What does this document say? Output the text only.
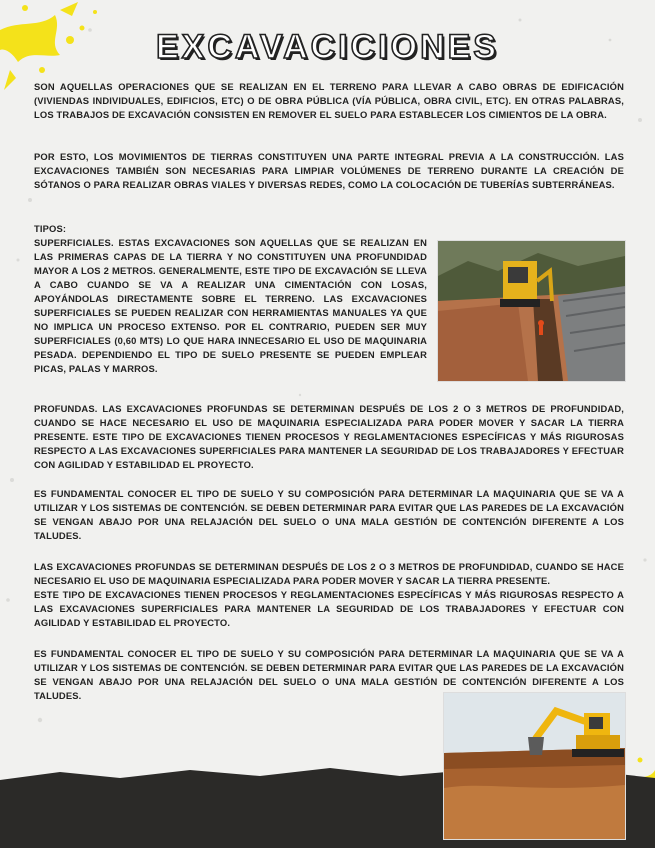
EXCAVACICIONES

SON AQUELLAS OPERACIONES QUE SE REALIZAN EN EL TERRENO PARA LLEVAR A CABO OBRAS DE EDIFICACIÓN (VIVIENDAS INDIVIDUALES, EDIFICIOS, ETC) O DE OBRA PÚBLICA (VÍA PÚBLICA, OBRA CIVIL, ETC). EN OTRAS PALABRAS, LOS TRABAJOS DE EXCAVACIÓN CONSISTEN EN REMOVER EL SUELO PARA ESTABLECER LOS CIMIENTOS DE LA OBRA.

POR ESTO, LOS MOVIMIENTOS DE TIERRAS CONSTITUYEN UNA PARTE INTEGRAL PREVIA A LA CONSTRUCCIÓN. LAS EXCAVACIONES TAMBIÉN SON NECESARIAS PARA LIMPIAR VOLÚMENES DE TERRENO DURANTE LA CREACIÓN DE SÓTANOS O PARA REALIZAR OBRAS VIALES Y DIVERSAS REDES, COMO LA COLOCACIÓN DE TUBERÍAS SUBTERRÁNEAS.

TIPOS:

SUPERFICIALES. ESTAS EXCAVACIONES SON AQUELLAS QUE SE REALIZAN EN LAS PRIMERAS CAPAS DE LA TIERRA Y NO CONSTITUYEN UNA PROFUNDIDAD MAYOR A LOS 2 METROS. GENERALMENTE, ESTE TIPO DE EXCAVACIÓN SE LLEVA A CABO CUANDO SE VA A REALIZAR UNA CIMENTACIÓN CON LOSAS, APOYÁNDOLAS DIRECTAMENTE SOBRE EL TERRENO. LAS EXCAVACIONES SUPERFICIALES SE PUEDEN REALIZAR CON HERRAMIENTAS MANUALES YA QUE NO IMPLICA UN PROCESO EXTENSO. POR EL CONTRARIO, PUEDEN SER MUY SUPERFICIALES (0,60 MTS) LO QUE HARA INNECESARIO EL USO DE MAQUINARIA PESADA. DEPENDIENDO EL TIPO DE SUELO PRESENTE SE PUEDEN EMPLEAR PICAS, PALAS Y MARROS.

PROFUNDAS. LAS EXCAVACIONES PROFUNDAS SE DETERMINAN DESPUÉS DE LOS 2 O 3 METROS DE PROFUNDIDAD, CUANDO SE HACE NECESARIO EL USO DE MAQUINARIA ESPECIALIZADA PARA PODER MOVER Y SACAR LA TIERRA PRESENTE. ESTE TIPO DE EXCAVACIONES TIENEN PROCESOS Y REGLAMENTACIONES ESPECÍFICAS Y MÁS RIGUROSAS RESPECTO A LAS EXCAVACIONES SUPERFICIALES PARA MANTENER LA SEGURIDAD DE LOS TRABAJADORES Y EFECTUAR CON AGILIDAD Y ESTABILIDAD EL PROYECTO.

ES FUNDAMENTAL CONOCER EL TIPO DE SUELO Y SU COMPOSICIÓN PARA DETERMINAR LA MAQUINARIA QUE SE VA A UTILIZAR Y LOS SISTEMAS DE CONTENCIÓN. SE DEBEN DETERMINAR PARA EVITAR QUE LAS PAREDES DE LA EXCAVACIÓN SE VENGAN ABAJO POR UNA RELAJACIÓN DEL SUELO O UNA MALA GESTIÓN DE CONTENCIÓN DIFERENTE A LOS TALUDES.

LAS EXCAVACIONES PROFUNDAS SE DETERMINAN DESPUÉS DE LOS 2 O 3 METROS DE PROFUNDIDAD, CUANDO SE HACE NECESARIO EL USO DE MAQUINARIA ESPECIALIZADA PARA PODER MOVER Y SACAR LA TIERRA PRESENTE.

ESTE TIPO DE EXCAVACIONES TIENEN PROCESOS Y REGLAMENTACIONES ESPECÍFICAS Y MÁS RIGUROSAS RESPECTO A LAS EXCAVACIONES SUPERFICIALES PARA MANTENER LA SEGURIDAD DE LOS TRABAJADORES Y EFECTUAR CON AGILIDAD Y ESTABILIDAD EL PROYECTO.

ES FUNDAMENTAL CONOCER EL TIPO DE SUELO Y SU COMPOSICIÓN PARA DETERMINAR LA MAQUINARIA QUE SE VA A UTILIZAR Y LOS SISTEMAS DE CONTENCIÓN. SE DEBEN DETERMINAR PARA EVITAR QUE LAS PAREDES DE LA EXCAVACIÓN SE VENGAN ABAJO POR UNA RELAJACIÓN DEL SUELO O UNA MALA GESTIÓN DE CONTENCIÓN DIFERENTE A LOS TALUDES.
